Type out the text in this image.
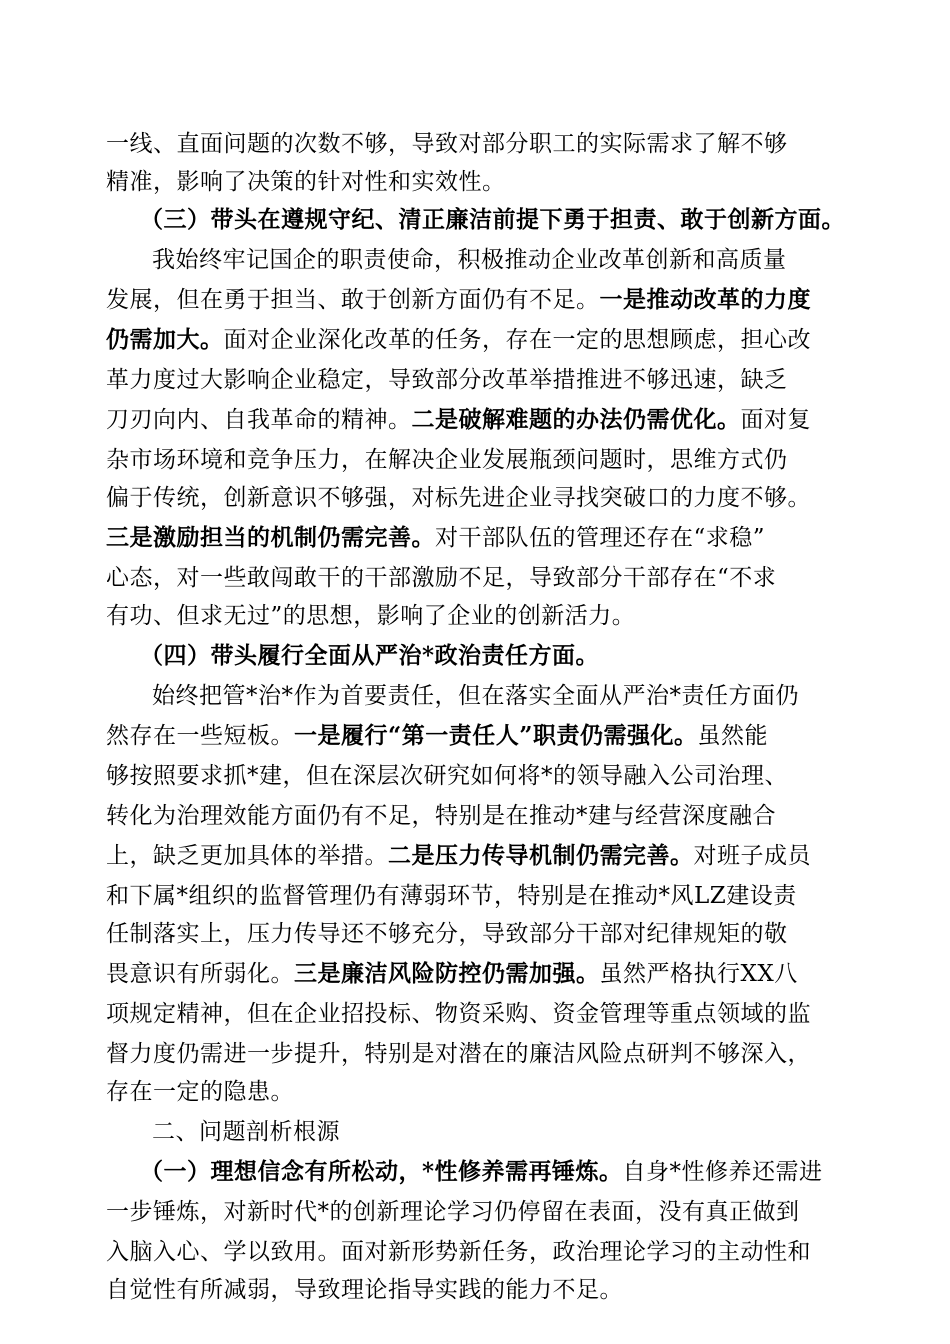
一线、直面问题的次数不够，导致对部分职工的实际需求了解不够
精准，影响了决策的针对性和实效性。
（三）带头在遵规守纪、清正廉洁前提下勇于担责、敢于创新方面。
我始终牢记国企的职责使命，积极推动企业改革创新和高质量
发展，但在勇于担当、敢于创新方面仍有不足。一是推动改革的力度
仍需加大。面对企业深化改革的任务，存在一定的思想顾虑，担心改
革力度过大影响企业稳定，导致部分改革举措推进不够迅速，缺乏
刀刃向内、自我革命的精神。二是破解难题的办法仍需优化。面对复
杂市场环境和竞争压力，在解决企业发展瓶颈问题时，思维方式仍
偏于传统，创新意识不够强，对标先进企业寻找突破口的力度不够。
三是激励担当的机制仍需完善。对干部队伍的管理还存在“求稳”
心态，对一些敢闯敢干的干部激励不足，导致部分干部存在“不求
有功、但求无过”的思想，影响了企业的创新活力。
（四）带头履行全面从严治*政治责任方面。
始终把管*治*作为首要责任，但在落实全面从严治*责任方面仍
然存在一些短板。一是履行“第一责任人”职责仍需强化。虽然能
够按照要求抓*建，但在深层次研究如何将*的领导融入公司治理、
转化为治理效能方面仍有不足，特别是在推动*建与经营深度融合
上，缺乏更加具体的举措。二是压力传导机制仍需完善。对班子成员
和下属*组织的监督管理仍有薄弱环节，特别是在推动*风LZ建设责
任制落实上，压力传导还不够充分，导致部分干部对纪律规矩的敬
畏意识有所弱化。三是廉洁风险防控仍需加强。虽然严格执行XX八
项规定精神，但在企业招投标、物资采购、资金管理等重点领域的监
督力度仍需进一步提升，特别是对潜在的廉洁风险点研判不够深入，
存在一定的隐患。
二、问题剖析根源
（一）理想信念有所松动，*性修养需再锤炼。自身*性修养还需进
一步锤炼，对新时代*的创新理论学习仍停留在表面，没有真正做到
入脑入心、学以致用。面对新形势新任务，政治理论学习的主动性和
自觉性有所减弱，导致理论指导实践的能力不足。
